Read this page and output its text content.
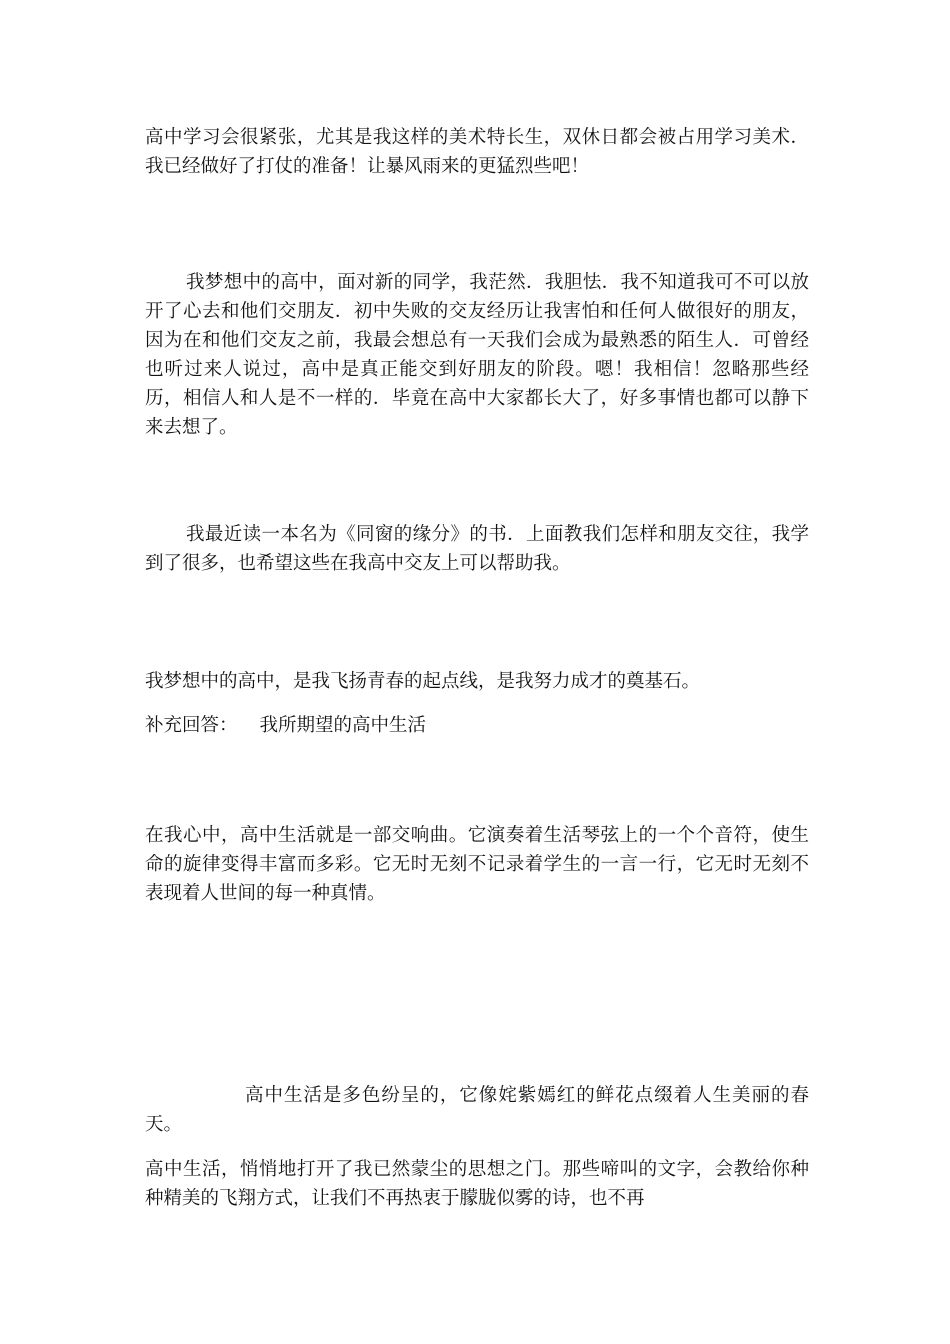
高中学习会很紧张，尤其是我这样的美术特长生，双休日都会被占用学习美术．我已经做好了打仗的准备！让暴风雨来的更猛烈些吧！

我梦想中的高中，面对新的同学，我茫然．我胆怯．我不知道我可不可以放开了心去和他们交朋友．初中失败的交友经历让我害怕和任何人做很好的朋友，因为在和他们交友之前，我最会想总有一天我们会成为最熟悉的陌生人．可曾经也听过来人说过，高中是真正能交到好朋友的阶段。嗯！我相信！忽略那些经历，相信人和人是不一样的．毕竟在高中大家都长大了，好多事情也都可以静下来去想了。

我最近读一本名为《同窗的缘分》的书．上面教我们怎样和朋友交往，我学到了很多，也希望这些在我高中交友上可以帮助我。

我梦想中的高中，是我飞扬青春的起点线，是我努力成才的奠基石。

补充回答： 我所期望的高中生活

在我心中，高中生活就是一部交响曲。它演奏着生活琴弦上的一个个音符，使生命的旋律变得丰富而多彩。它无时无刻不记录着学生的一言一行，它无时无刻不表现着人世间的每一种真情。

高中生活是多色纷呈的，它像姹紫嫣红的鲜花点缀着人生美丽的春天。

高中生活，悄悄地打开了我已然蒙尘的思想之门。那些啼叫的文字，会教给你种种精美的飞翔方式，让我们不再热衷于朦胧似雾的诗，也不再
